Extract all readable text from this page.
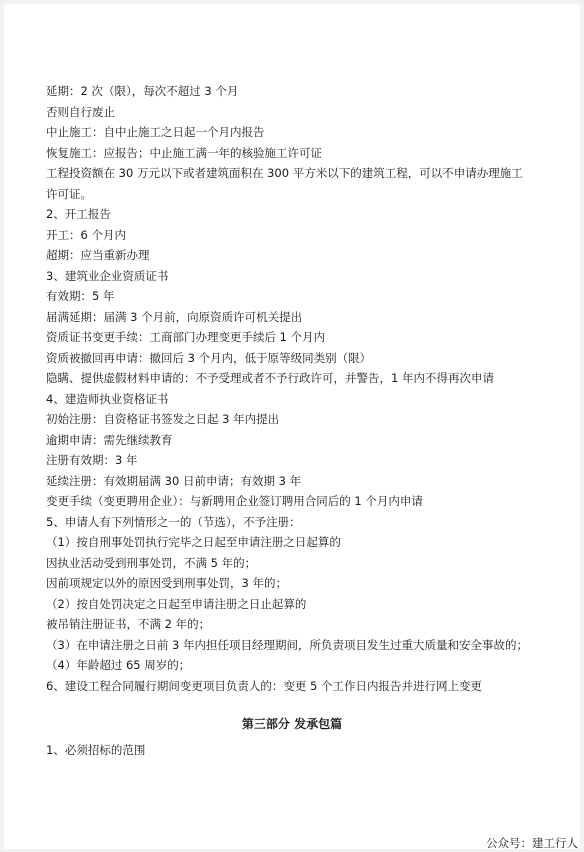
延期：2 次（限），每次不超过 3 个月
否则自行废止
中止施工：自中止施工之日起一个月内报告
恢复施工：应报告；中止施工满一年的核验施工许可证
工程投资额在 30 万元以下或者建筑面积在 300 平方米以下的建筑工程，可以不申请办理施工
许可证。
2、开工报告
开工：6 个月内
超期：应当重新办理
3、建筑业企业资质证书
有效期：5 年
届满延期：届满 3 个月前，向原资质许可机关提出
资质证书变更手续：工商部门办理变更手续后 1 个月内
资质被撤回再申请：撤回后 3 个月内，低于原等级同类别（限）
隐瞒、提供虚假材料申请的：不予受理或者不予行政许可，并警告，1 年内不得再次申请
4、建造师执业资格证书
初始注册：自资格证书签发之日起 3 年内提出
逾期申请：需先继续教育
注册有效期：3 年
延续注册：有效期届满 30 日前申请；有效期 3 年
变更手续（变更聘用企业）：与新聘用企业签订聘用合同后的 1 个月内申请
5、申请人有下列情形之一的（节选），不予注册：
（1）按自刑事处罚执行完毕之日起至申请注册之日起算的
因执业活动受到刑事处罚，不满 5 年的；
因前项规定以外的原因受到刑事处罚，3 年的；
（2）按自处罚决定之日起至申请注册之日止起算的
被吊销注册证书，不满 2 年的；
（3）在申请注册之日前 3 年内担任项目经理期间，所负责项目发生过重大质量和安全事故的；
（4）年龄超过 65 周岁的；
6、建设工程合同履行期间变更项目负责人的：变更 5 个工作日内报告并进行网上变更
第三部分 发承包篇
1、必须招标的范围
公众号：建工行人
